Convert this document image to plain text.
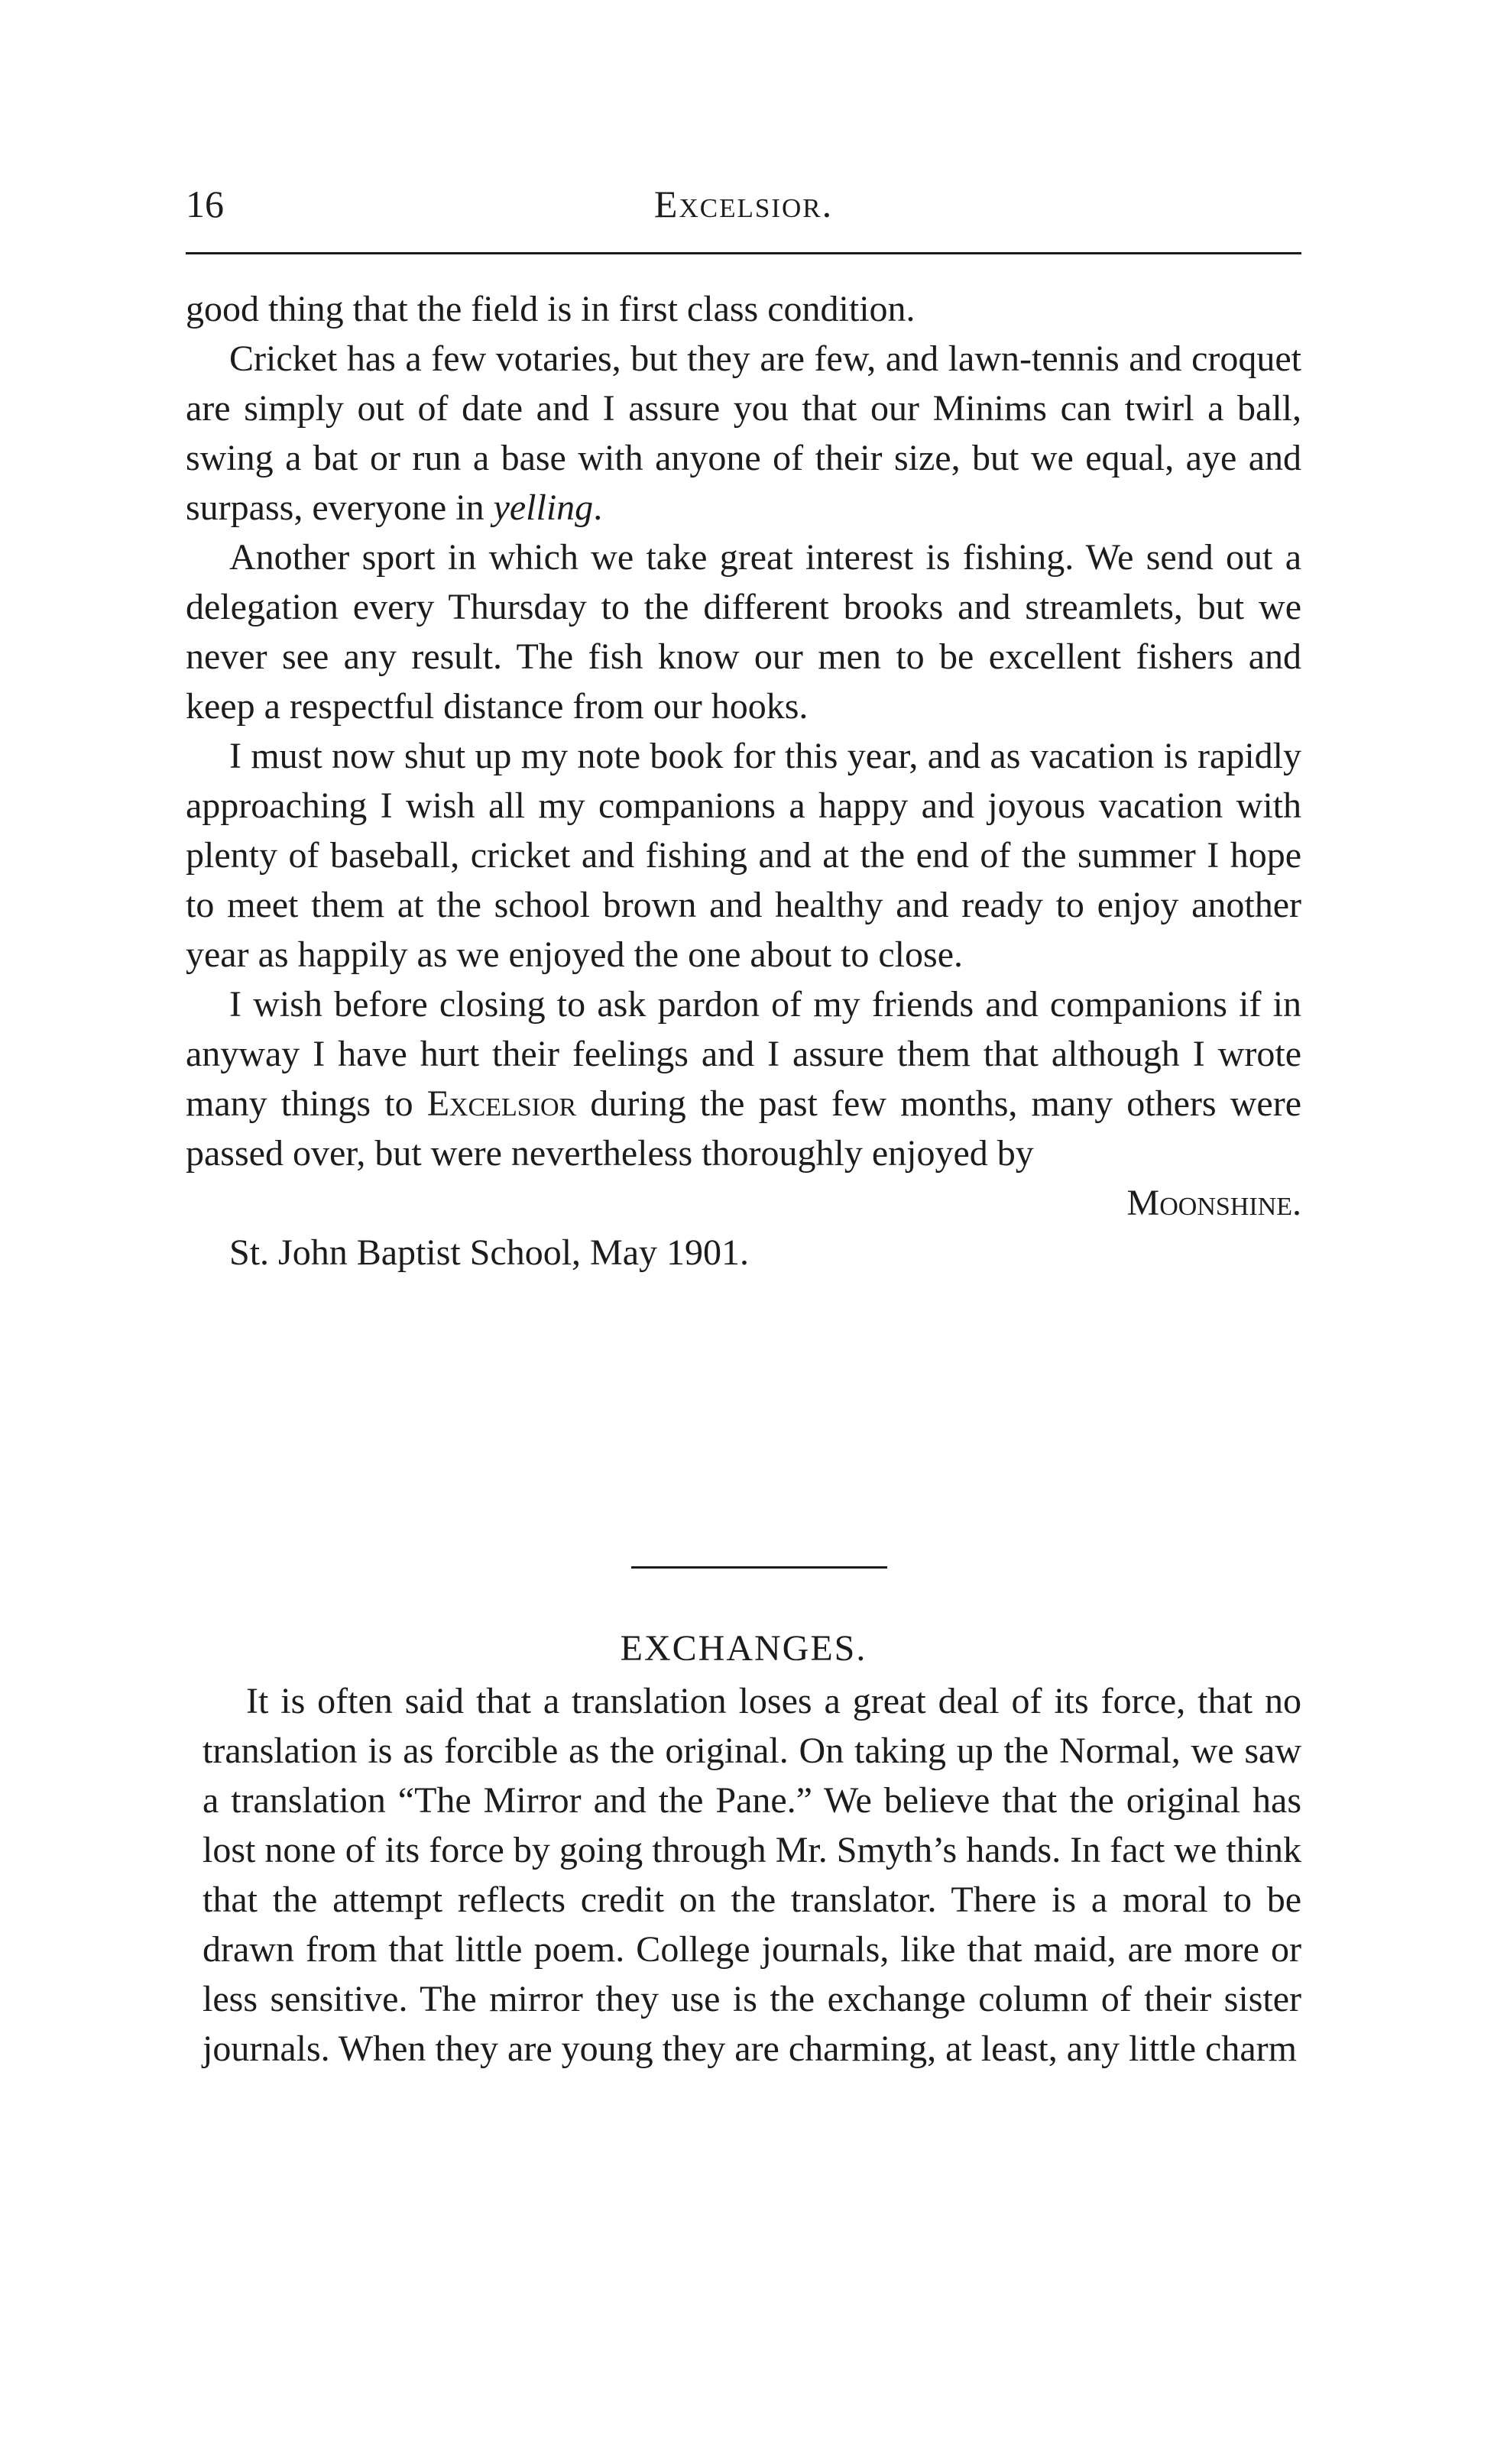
16	Excelsior.

good thing that the field is in first class condition.

Cricket has a few votaries, but they are few, and lawn-tennis and croquet are simply out of date and I assure you that our Minims can twirl a ball, swing a bat or run a base with anyone of their size, but we equal, aye and surpass, everyone in yelling.

Another sport in which we take great interest is fishing. We send out a delegation every Thursday to the different brooks and streamlets, but we never see any result. The fish know our men to be excellent fishers and keep a respectful distance from our hooks.

I must now shut up my note book for this year, and as vacation is rapidly approaching I wish all my companions a happy and joyous vacation with plenty of baseball, cricket and fishing and at the end of the summer I hope to meet them at the school brown and healthy and ready to enjoy another year as happily as we enjoyed the one about to close.

I wish before closing to ask pardon of my friends and companions if in anyway I have hurt their feelings and I assure them that although I wrote many things to Excelsior during the past few months, many others were passed over, but were nevertheless thoroughly enjoyed by

Moonshine.

St. John Baptist School, May 1901.

EXCHANGES.

It is often said that a translation loses a great deal of its force, that no translation is as forcible as the original. On taking up the Normal, we saw a translation “The Mirror and the Pane.” We believe that the original has lost none of its force by going through Mr. Smyth’s hands. In fact we think that the attempt reflects credit on the translator. There is a moral to be drawn from that little poem. College journals, like that maid, are more or less sensitive. The mirror they use is the exchange column of their sister journals. When they are young they are charming, at least, any little charm
